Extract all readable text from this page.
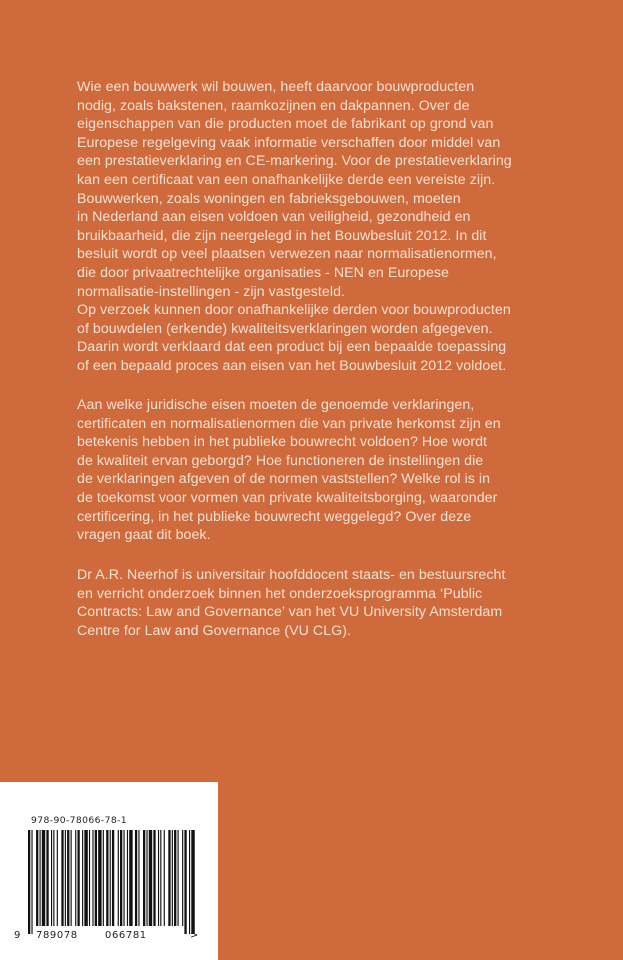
Wie een bouwwerk wil bouwen, heeft daarvoor bouwproducten

nodig, zoals bakstenen, raamkozijnen en dakpannen. Over de

eigenschappen van die producten moet de fabrikant op grond van

Europese regelgeving vaak informatie verschaffen door middel van

een prestatieverklaring en CE-markering. Voor de prestatieverklaring

kan een certificaat van een onafhankelijke derde een vereiste zijn.

Bouwwerken, zoals woningen en fabrieksgebouwen, moeten

in Nederland aan eisen voldoen van veiligheid, gezondheid en

bruikbaarheid, die zijn neergelegd in het Bouwbesluit 2012. In dit

besluit wordt op veel plaatsen verwezen naar normalisatienormen,

die door privaatrechtelijke organisaties - NEN en Europese

normalisatie-instellingen - zijn vastgesteld.

Op verzoek kunnen door onafhankelijke derden voor bouwproducten

of bouwdelen (erkende) kwaliteitsverklaringen worden afgegeven.

Daarin wordt verklaard dat een product bij een bepaalde toepassing

of een bepaald proces aan eisen van het Bouwbesluit 2012 voldoet.

Aan welke juridische eisen moeten de genoemde verklaringen,

certificaten en normalisatienormen die van private herkomst zijn en

betekenis hebben in het publieke bouwrecht voldoen? Hoe wordt

de kwaliteit ervan geborgd? Hoe functioneren de instellingen die

de verklaringen afgeven of de normen vaststellen? Welke rol is in

de toekomst voor vormen van private kwaliteitsborging, waaronder

certificering, in het publieke bouwrecht weggelegd? Over deze

vragen gaat dit boek.

Dr A.R. Neerhof is universitair hoofddocent staats- en bestuursrecht

en verricht onderzoek binnen het onderzoeksprogramma ‘Public

Contracts: Law and Governance’ van het VU University Amsterdam

Centre for Law and Governance (VU CLG).

978-90-78066-78-1
9 789078	066781	>
